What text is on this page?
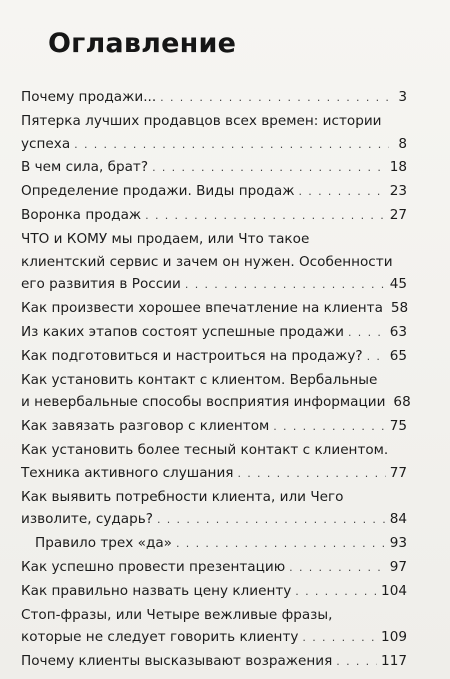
Оглавление
Почему продажи... . . .	3
Пятерка лучших продавцов всех времен: истории
успеха . . .	8
В чем сила, брат? . . .	18
Определение продажи. Виды продаж . . .	23
Воронка продаж . . .	27
ЧТО и КОМУ мы продаем, или Что такое
клиентский сервис и зачем он нужен. Особенности
его развития в России . . .	45
Как произвести хорошее впечатление на клиента 58
Из каких этапов состоят успешные продажи . . .	63
Как подготовиться и настроиться на продажу? . . . 65
Как установить контакт с клиентом. Вербальные
и невербальные способы восприятия информации 68
Как завязать разговор с клиентом . . .	75
Как установить более тесный контакт с клиентом.
Техника активного слушания . . .	77
Как выявить потребности клиента, или Чего
изволите, сударь? . . .	84
Правило трех «да» . . .	93
Как успешно провести презентацию . . .	97
Как правильно назвать цену клиенту . . .	104
Стоп-фразы, или Четыре вежливые фразы,
которые не следует говорить клиенту . . .	109
Почему клиенты высказывают возражения . . .	117
